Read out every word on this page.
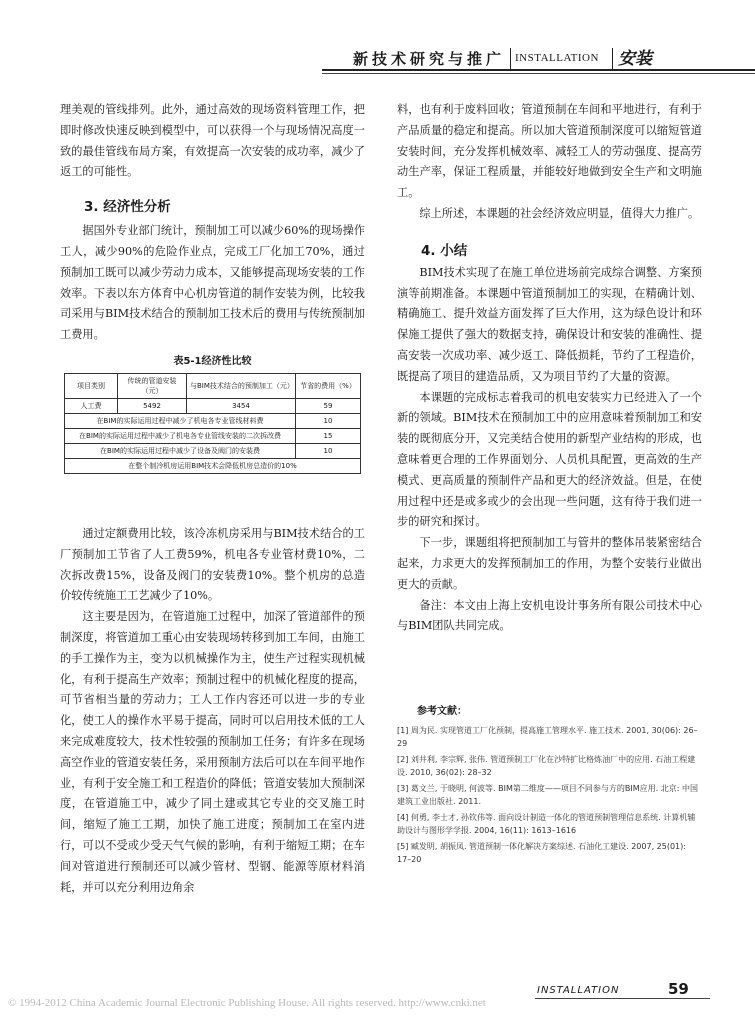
新技术研究与推广 INSTALLATION 安装

理美观的管线排列。此外，通过高效的现场资料管理工作，把即时修改快速反映到模型中，可以获得一个与现场情况高度一致的最佳管线布局方案，有效提高一次安装的成功率，减少了返工的可能性。

3. 经济性分析

据国外专业部门统计，预制加工可以减少60%的现场操作工人，减少90%的危险作业点，完成工厂化加工70%，通过预制加工既可以减少劳动力成本，又能够提高现场安装的工作效率。下表以东方体育中心机房管道的制作安装为例，比较我司采用与BIM技术结合的预制加工技术后的费用与传统预制加工费用。

表5-1经济性比较
项目类别	传统的管道安装（元）	与BIM技术结合的预制加工（元）	节省的费用（%）
人工费	5492	3454	59
在BIM的实际运用过程中减少了机电各专业管线材料费			10
在BIM的实际运用过程中减少了机电各专业管线安装的二次拆改费			15
在BIM的实际运用过程中减少了设备及阀门的安装费			10
在整个制冷机房运用BIM技术会降低机房总造价的10%			

通过定额费用比较，该冷冻机房采用与BIM技术结合的工厂预制加工节省了人工费59%，机电各专业管材费10%，二次拆改费15%，设备及阀门的安装费10%。整个机房的总造价较传统施工工艺减少了10%。

这主要是因为，在管道施工过程中，加深了管道部件的预制深度，将管道加工重心由安装现场转移到加工车间，由施工的手工操作为主，变为以机械操作为主，使生产过程实现机械化，有利于提高生产效率；预制过程中的机械化程度的提高，可节省相当量的劳动力；工人工作内容还可以进一步的专业化，使工人的操作水平易于提高，同时可以启用技术低的工人来完成难度较大，技术性较强的预制加工任务；有许多在现场高空作业的管道安装任务，采用预制方法后可以在车间平地作业，有利于安全施工和工程造价的降低；管道安装加大预制深度，在管道施工中，减少了同土建或其它专业的交叉施工时间，缩短了施工工期，加快了施工进度；预制加工在室内进行，可以不受或少受天气气候的影响，有利于缩短工期；在车间对管道进行预制还可以减少管材、型钢、能源等原材料消耗，并可以充分利用边角余

料，也有利于废料回收；管道预制在车间和平地进行，有利于产品质量的稳定和提高。所以加大管道预制深度可以缩短管道安装时间，充分发挥机械效率、减轻工人的劳动强度、提高劳动生产率，保证工程质量，并能较好地做到安全生产和文明施工。

综上所述，本课题的社会经济效应明显，值得大力推广。

4. 小结

BIM技术实现了在施工单位进场前完成综合调整、方案预演等前期准备。本课题中管道预制加工的实现，在精确计划、精确施工、提升效益方面发挥了巨大作用，这为绿色设计和环保施工提供了强大的数据支持，确保设计和安装的准确性、提高安装一次成功率、减少返工、降低损耗，节约了工程造价，既提高了项目的建造品质，又为项目节约了大量的资源。

本课题的完成标志着我司的机电安装实力已经进入了一个新的领域。BIM技术在预制加工中的应用意味着预制加工和安装的既彻底分开，又完美结合使用的新型产业结构的形成，也意味着更合理的工作界面划分、人员机具配置，更高效的生产模式、更高质量的预制件产品和更大的经济效益。但是，在使用过程中还是或多或少的会出现一些问题，这有待于我们进一步的研究和探讨。

下一步，课题组将把预制加工与管井的整体吊装紧密结合起来，力求更大的发挥预制加工的作用，为整个安装行业做出更大的贡献。

备注：本文由上海上安机电设计事务所有限公司技术中心与BIM团队共同完成。

参考文献：
[1] 周为民. 实现管道工厂化预制，提高施工管理水平. 施工技术. 2001, 30(06): 26–29
[2] 刘井利, 李宗辉, 张伟. 管道预制工厂化在沙特扩比格炼油厂中的应用. 石油工程建设. 2010, 36(02): 28–32
[3] 葛文兰, 于晓明, 何波等. BIM第二维度——项目不同参与方的BIM应用. 北京: 中国建筑工业出版社. 2011.
[4] 何勇, 李士才, 孙钦伟等. 面向设计制造一体化的管道预制管理信息系统. 计算机辅助设计与图形学学报. 2004, 16(11): 1613–1616
[5] 臧发明, 胡振凤. 管道预制一体化解决方案综述. 石油化工建设. 2007, 25(01): 17–20
INSTALLATION	59
© 1994-2012 China Academic Journal Electronic Publishing House. All rights reserved. http://www.cnki.net
